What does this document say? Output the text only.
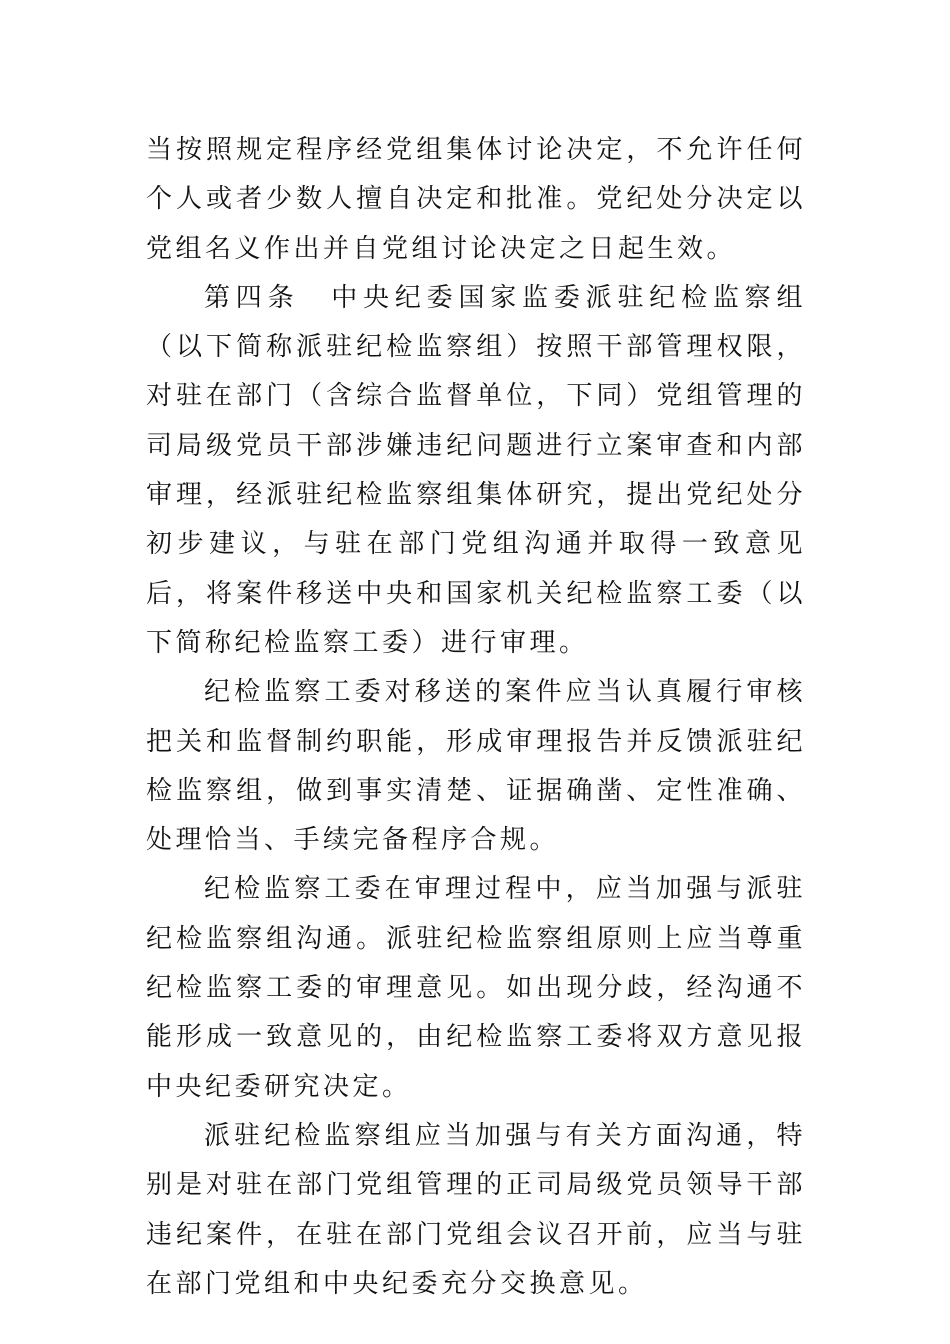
当按照规定程序经党组集体讨论决定，不允许任何个人或者少数人擅自决定和批准。党纪处分决定以党组名义作出并自党组讨论决定之日起生效。

第四条　中央纪委国家监委派驻纪检监察组（以下简称派驻纪检监察组）按照干部管理权限，对驻在部门（含综合监督单位，下同）党组管理的司局级党员干部涉嫌违纪问题进行立案审查和内部审理，经派驻纪检监察组集体研究，提出党纪处分初步建议，与驻在部门党组沟通并取得一致意见后，将案件移送中央和国家机关纪检监察工委（以下简称纪检监察工委）进行审理。

纪检监察工委对移送的案件应当认真履行审核把关和监督制约职能，形成审理报告并反馈派驻纪检监察组，做到事实清楚、证据确凿、定性准确、处理恰当、手续完备程序合规。

纪检监察工委在审理过程中，应当加强与派驻纪检监察组沟通。派驻纪检监察组原则上应当尊重纪检监察工委的审理意见。如出现分歧，经沟通不能形成一致意见的，由纪检监察工委将双方意见报中央纪委研究决定。

派驻纪检监察组应当加强与有关方面沟通，特别是对驻在部门党组管理的正司局级党员领导干部违纪案件，在驻在部门党组会议召开前，应当与驻在部门党组和中央纪委充分交换意见。
